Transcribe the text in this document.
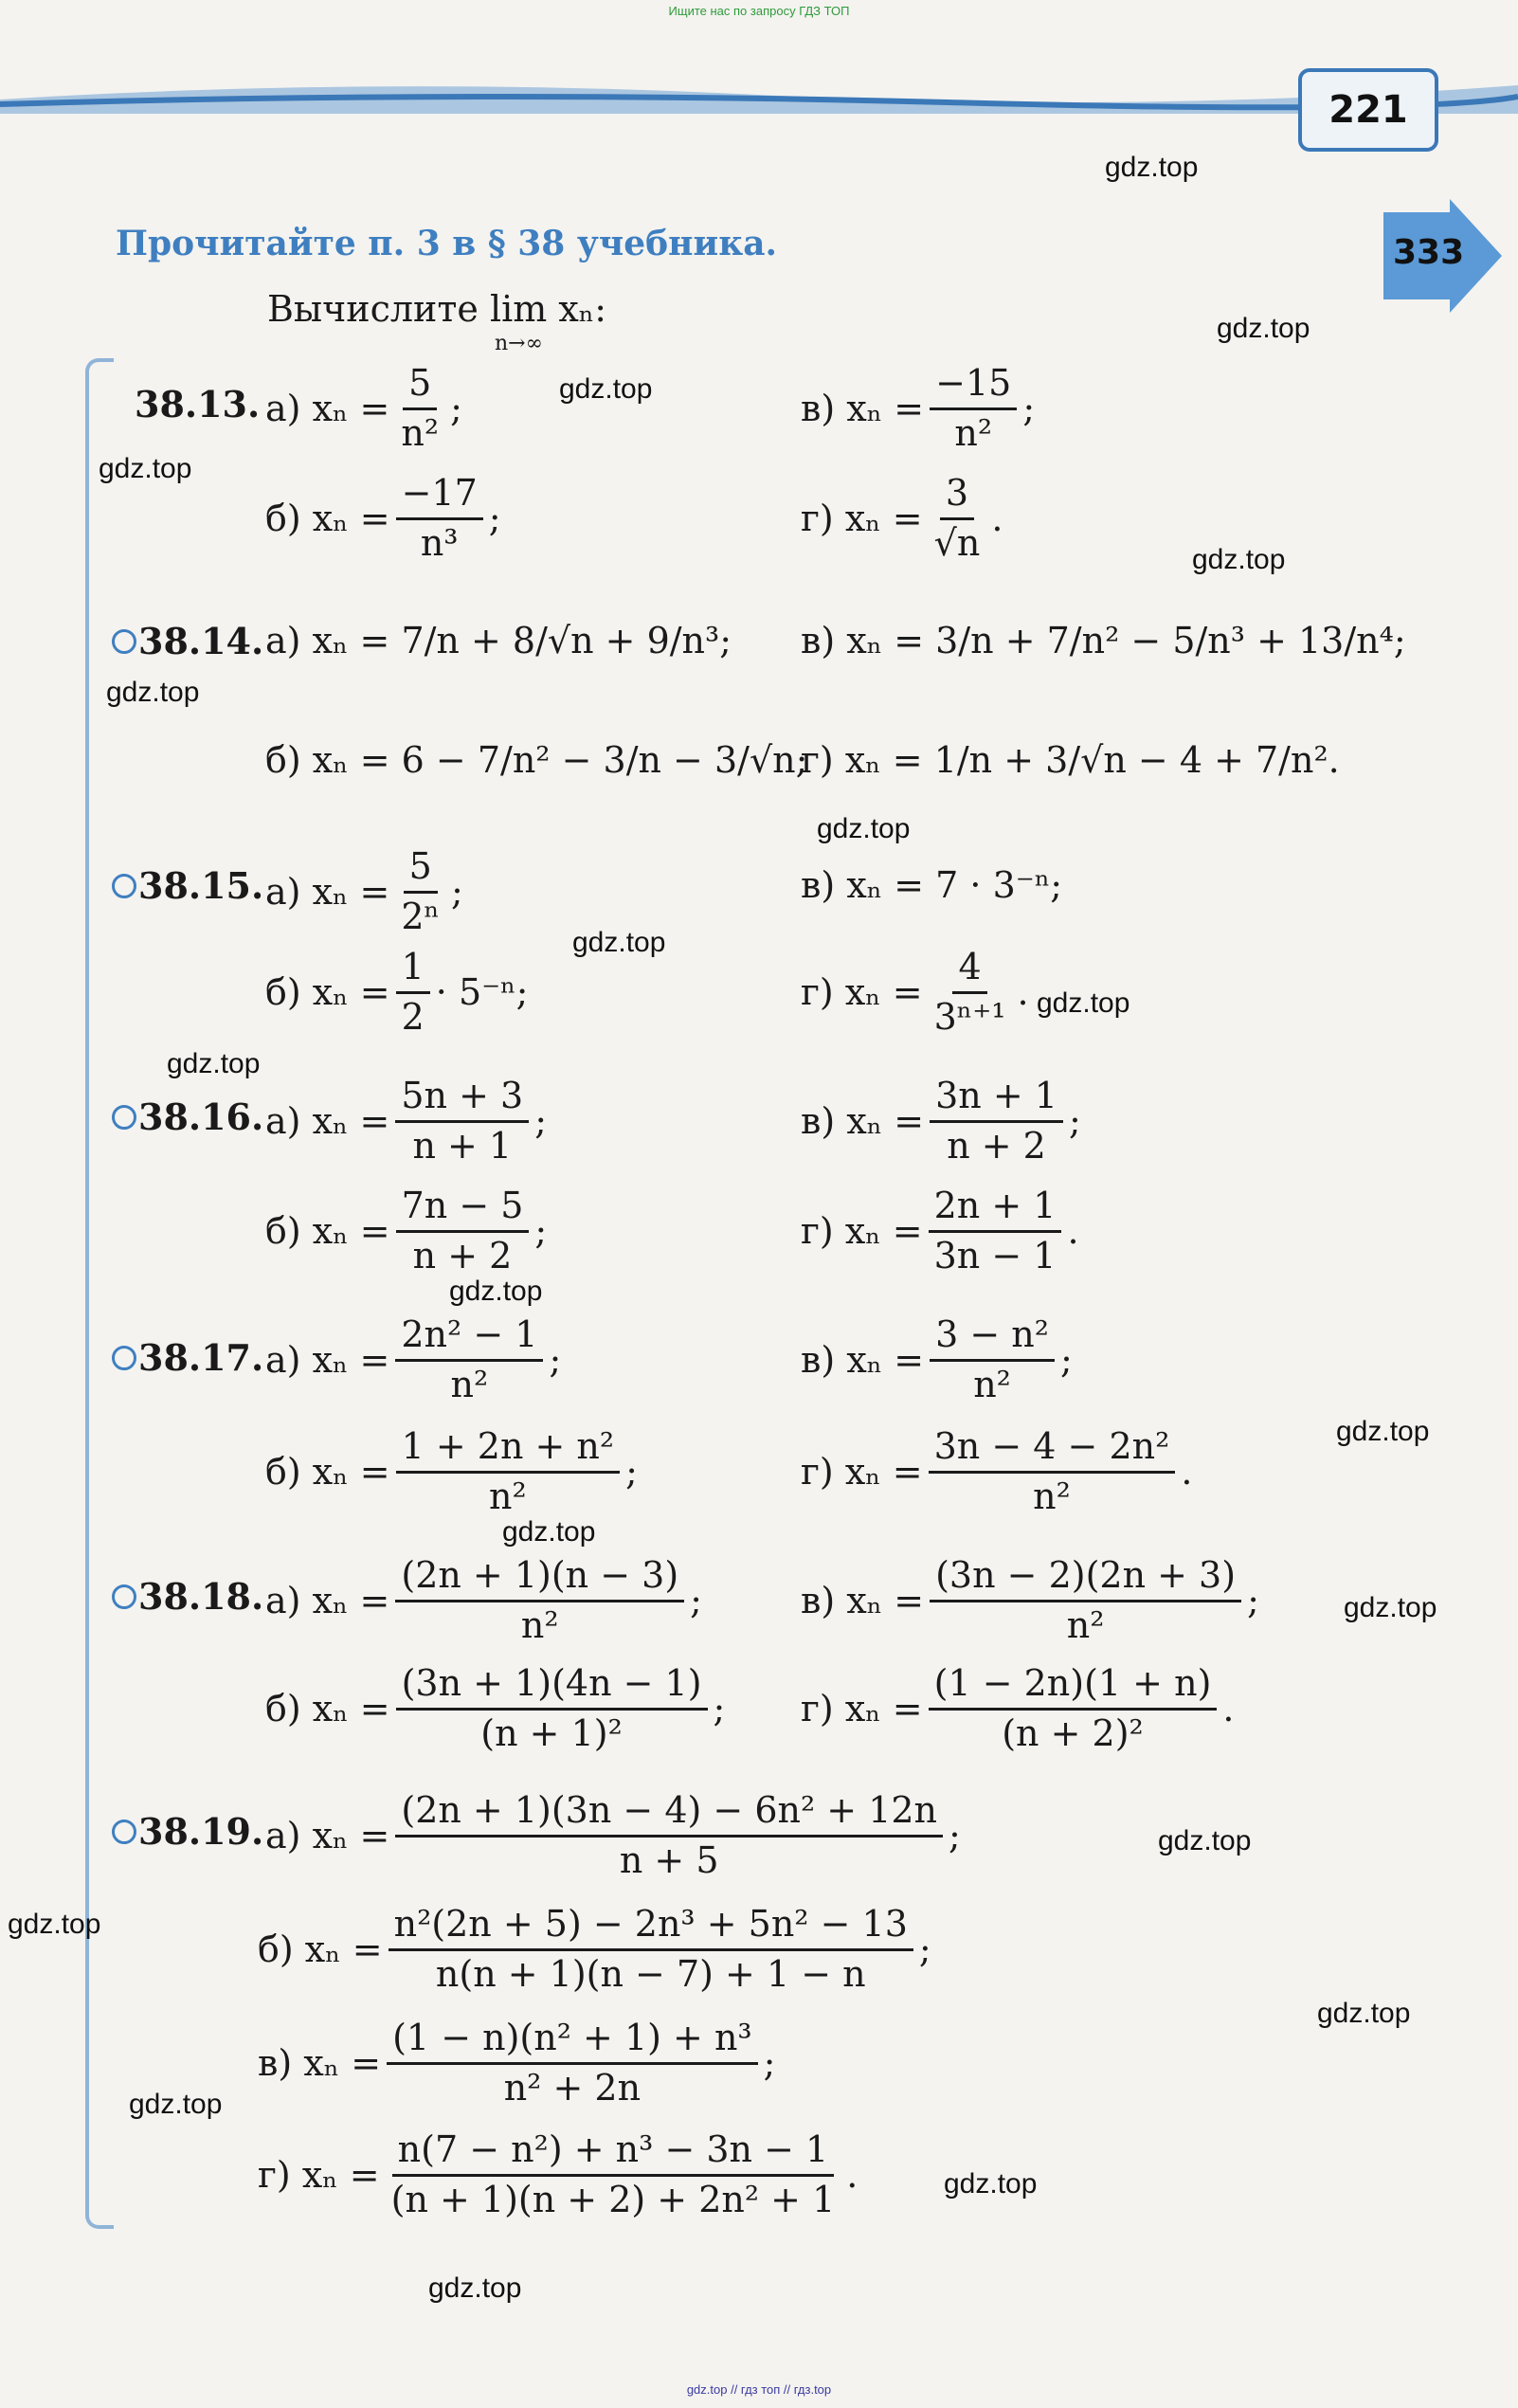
Ищите нас по запросу ГДЗ ТОП
221
Прочитайте п. 3 в § 38 учебника.	333
Вычислите lim xₙ:
n→∞
38.13. а)
$x_n = \frac{5}{\text{n²}}$ ;	в)
$x_n = \frac{-15}{\text{n²}}$ ;
б)
$x_n = \frac{-17}{\text{n³}}$ ;	г)
$x_n = \frac{3}{√n}$ .
38.14. а)
xₙ = 7/n + 8/√n + 9/n³; в)
xₙ = 3/n + 7/n² − 5/n³ + 13/n⁴;
б)
xₙ = 6 − 7/n² − 3/n − 3/√n;
г)
xₙ = 1/n + 3/√n − 4 + 7/n².
38.15. а)
$x_n = \frac{5}{\text{2ⁿ}}$ ;	в)
xₙ = 7 · 3⁻ⁿ;
б)
$x_n = \frac{1}{2} \cdot 5^{-n}$;	г)
$x_n = \frac{4}{\text{3ⁿ⁺¹}}$ .
38.16. а)
$x_n = \frac{5n + 3}{n + 1}$ ;	в)
$x_n = \frac{3n + 1}{n + 2}$ ;
б)
$x_n = \frac{7n - 5}{n + 2}$ ;	г)
$x_n = \frac{2n + 1}{3n - 1}$ .
38.17. а)
$x_n = \frac{\text{2n² − 1}}{\text{n²}}$ ;	в)
$x_n = \frac{\text{3 − n²}}{\text{n²}}$ ;
б)
$x_n = \frac{\text{1 + 2n + n²}}{\text{n²}}$ ;	г)
$x_n = \frac{\text{3n − 4 − 2n²}}{\text{n²}}$ .
38.18. а)
$x_n = \frac{(2n + 1)(n - 3)}{\text{n²}}$ ;	в)
$x_n = \frac{(3n - 2)(2n + 3)}{\text{n²}}$ ;
б)
$x_n = \frac{(3n + 1)(4n - 1)}{\text{(n + 1)²}}$ ; г)
$x_n = \frac{(1 - 2n)(1 + n)}{\text{(n + 2)²}}$ .
38.19. а)
$x_n = \frac{\text{(2n + 1)(3n − 4) − 6n² + 12n}}{n + 5}$ ;
б)
$x_n = \frac{\text{n²(2n + 5) − 2n³ + 5n² − 13}}{n(n + 1)(n - 7) + 1 - n}$ ;
в)
$x_n = \frac{\text{(1 − n)(n² + 1) + n³}}{\text{n² + 2n}}$ ;
г)
$x_n = \frac{\text{n(7 − n²) + n³ − 3n − 1}}{\text{(n + 1)(n + 2) + 2n² + 1}}$ .
gdz.top
gdz.top
gdz.top
gdz.top
gdz.top
gdz.top
gdz.top
gdz.top
gdz.top
gdz.top
gdz.top
gdz.top
gdz.top
gdz.top
gdz.top
gdz.top
gdz.top
gdz.top
gdz.top
gdz.top
gdz.top // гдз топ // гдз.top
